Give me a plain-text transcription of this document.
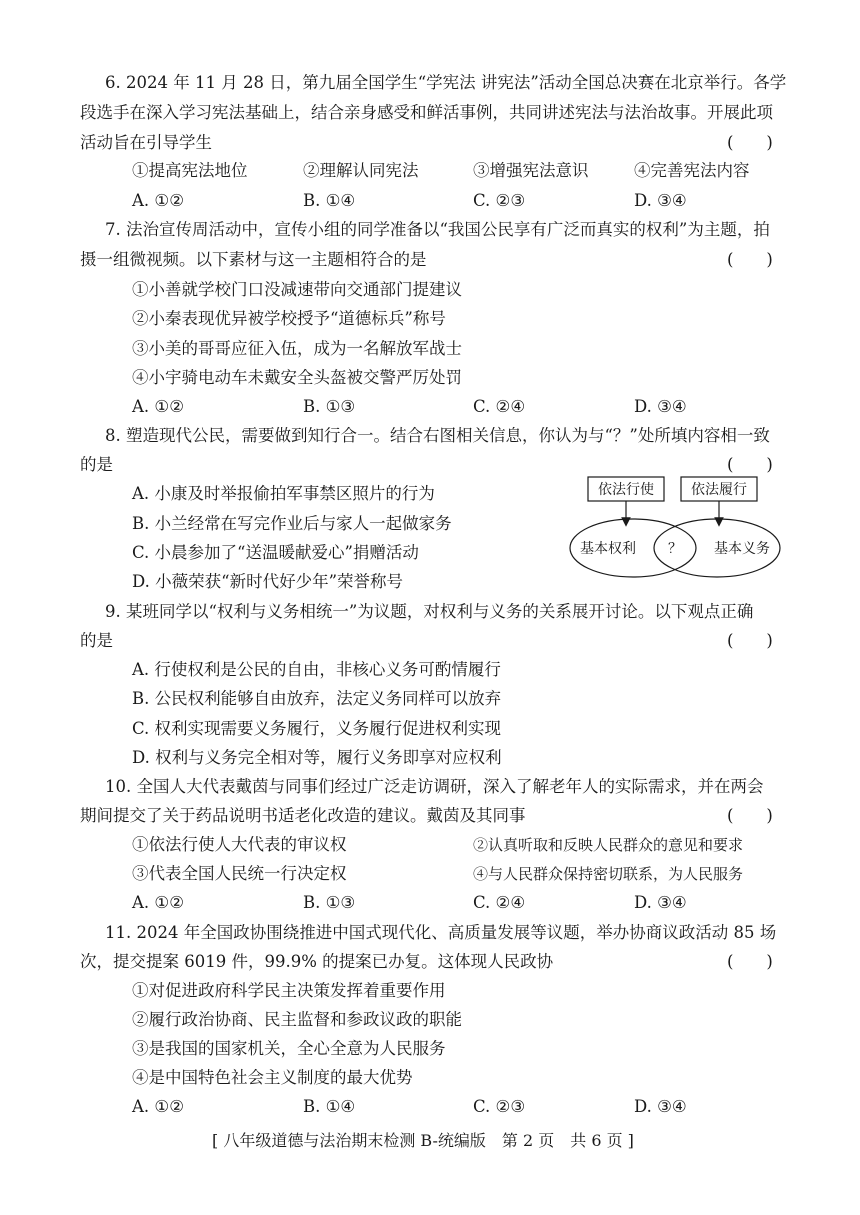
6. 2024 年 11 月 28 日，第九届全国学生“学宪法 讲宪法”活动全国总决赛在北京举行。各学
段选手在深入学习宪法基础上，结合亲身感受和鲜活事例，共同讲述宪法与法治故事。开展此项
活动旨在引导学生	(　　)
①提高宪法地位	②理解认同宪法	③增强宪法意识	④完善宪法内容
A. ①②	B. ①④	C. ②③	D. ③④
7. 法治宣传周活动中，宣传小组的同学准备以“我国公民享有广泛而真实的权利”为主题，拍
摄一组微视频。以下素材与这一主题相符合的是	(　　)
①小善就学校门口没减速带向交通部门提建议
②小秦表现优异被学校授予“道德标兵”称号
③小美的哥哥应征入伍，成为一名解放军战士
④小宇骑电动车未戴安全头盔被交警严厉处罚
A. ①②	B. ①③	C. ②④	D. ③④
8. 塑造现代公民，需要做到知行合一。结合右图相关信息，你认为与“？”处所填内容相一致
的是	(　　)
A. 小康及时举报偷拍军事禁区照片的行为
B. 小兰经常在写完作业后与家人一起做家务
C. 小晨参加了“送温暖献爱心”捐赠活动
D. 小薇荣获“新时代好少年”荣誉称号
依法行使	依法履行
基本权利 ？ 基本义务
9. 某班同学以“权利与义务相统一”为议题，对权利与义务的关系展开讨论。以下观点正确
的是	(　　)
A. 行使权利是公民的自由，非核心义务可酌情履行
B. 公民权利能够自由放弃，法定义务同样可以放弃
C. 权利实现需要义务履行，义务履行促进权利实现
D. 权利与义务完全相对等，履行义务即享对应权利
10. 全国人大代表戴茵与同事们经过广泛走访调研，深入了解老年人的实际需求，并在两会
期间提交了关于药品说明书适老化改造的建议。戴茵及其同事	(　　)
①依法行使人大代表的审议权	②认真听取和反映人民群众的意见和要求
③代表全国人民统一行决定权	④与人民群众保持密切联系，为人民服务
A. ①②	B. ①③	C. ②④	D. ③④
11. 2024 年全国政协围绕推进中国式现代化、高质量发展等议题，举办协商议政活动 85 场
次，提交提案 6019 件，99.9% 的提案已办复。这体现人民政协	(　　)
①对促进政府科学民主决策发挥着重要作用
②履行政治协商、民主监督和参政议政的职能
③是我国的国家机关，全心全意为人民服务
④是中国特色社会主义制度的最大优势
A. ①②	B. ①④	C. ②③	D. ③④
[ 八年级道德与法治期末检测 B-统编版　第 2 页　共 6 页 ]
